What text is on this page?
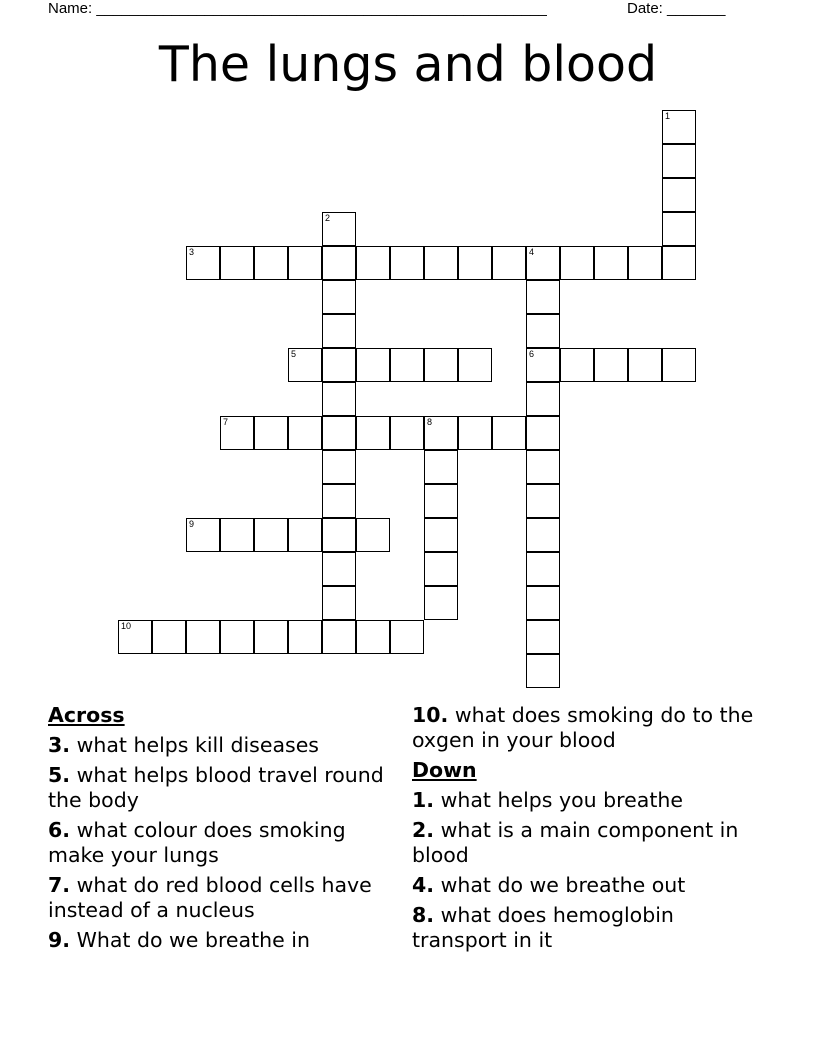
Name: ______________________________________________________	Date: _______
The lungs and blood
1
2
3	4
6
5
7	8
9
10

Across

3. what helps kill diseases

5. what helps blood travel round the body

6. what colour does smoking make your lungs

7. what do red blood cells have instead of a nucleus

9. What do we breathe in

10. what does smoking do to the oxgen in your blood

Down

1. what helps you breathe

2. what is a main component in blood

4. what do we breathe out

8. what does hemoglobin transport in it
